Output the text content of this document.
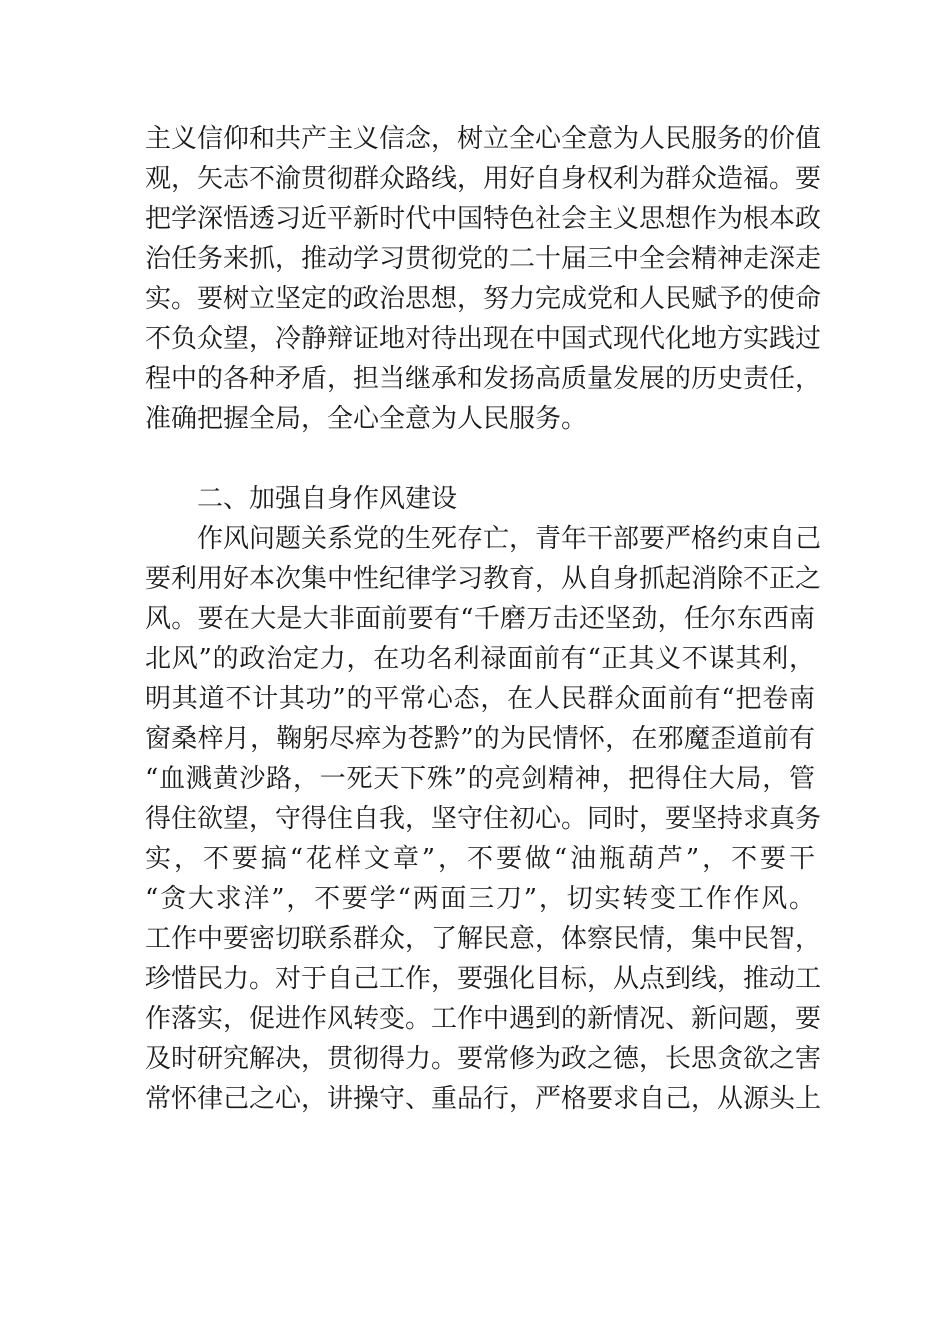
主义信仰和共产主义信念，树立全心全意为人民服务的价值
观，矢志不渝贯彻群众路线，用好自身权利为群众造福。要
把学深悟透习近平新时代中国特色社会主义思想作为根本政
治任务来抓，推动学习贯彻党的二十届三中全会精神走深走
实。要树立坚定的政治思想，努力完成党和人民赋予的使命
不负众望，冷静辩证地对待出现在中国式现代化地方实践过
程中的各种矛盾，担当继承和发扬高质量发展的历史责任，
准确把握全局，全心全意为人民服务。
二、加强自身作风建设
作风问题关系党的生死存亡，青年干部要严格约束自己
要利用好本次集中性纪律学习教育，从自身抓起消除不正之
风。要在大是大非面前要有“千磨万击还坚劲，任尔东西南
北风”的政治定力，在功名利禄面前有“正其义不谋其利，
明其道不计其功”的平常心态，在人民群众面前有“把卷南
窗桑梓月，鞠躬尽瘁为苍黔”的为民情怀，在邪魔歪道前有
“血溅黄沙路，一死天下殊”的亮剑精神，把得住大局，管
得住欲望，守得住自我，坚守住初心。同时，要坚持求真务
实，不要搞“花样文章”，不要做“油瓶葫芦”，不要干
“贪大求洋”，不要学“两面三刀”，切实转变工作作风。
工作中要密切联系群众，了解民意，体察民情，集中民智，
珍惜民力。对于自己工作，要强化目标，从点到线，推动工
作落实，促进作风转变。工作中遇到的新情况、新问题，要
及时研究解决，贯彻得力。要常修为政之德，长思贪欲之害
常怀律己之心，讲操守、重品行，严格要求自己，从源头上
